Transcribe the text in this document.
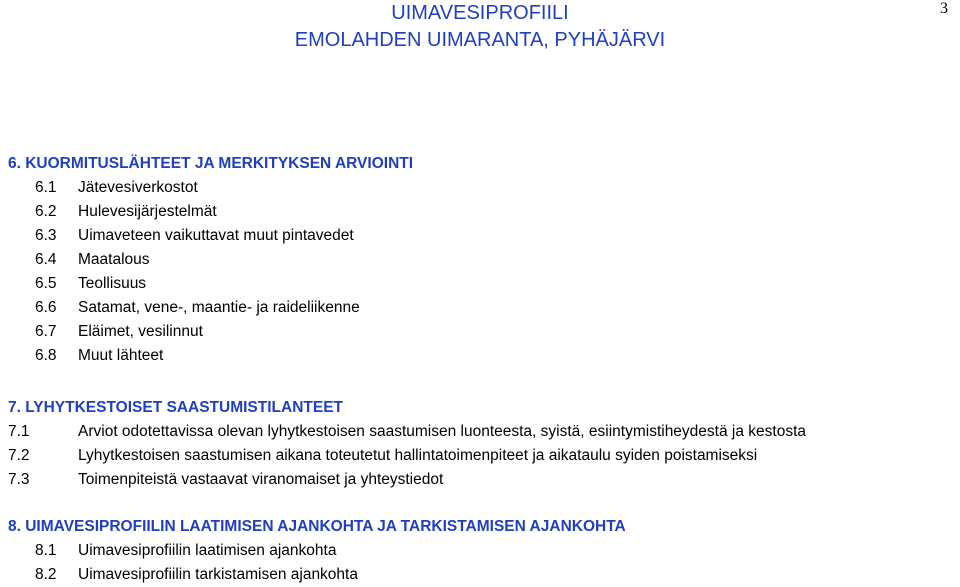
UIMAVESIPROFIILI
EMOLAHDEN UIMARANTA, PYHÄJÄRVI
3
6. KUORMITUSLÄHTEET JA MERKITYKSEN ARVIOINTI
6.1	Jätevesiverkostot
6.2	Hulevesijärjestelmät
6.3	Uimaveteen vaikuttavat muut pintavedet
6.4	Maatalous
6.5	Teollisuus
6.6	Satamat, vene-, maantie- ja raideliikenne
6.7	Eläimet, vesilinnut
6.8	Muut lähteet
7. LYHYTKESTOISET SAASTUMISTILANTEET
7.1	Arviot odotettavissa olevan lyhytkestoisen saastumisen luonteesta, syistä, esiintymistiheydestä ja kestosta
7.2	Lyhytkestoisen saastumisen aikana toteutetut hallintatoimenpiteet ja aikataulu syiden poistamiseksi
7.3	Toimenpiteistä vastaavat viranomaiset ja yhteystiedot
8. UIMAVESIPROFIILIN LAATIMISEN AJANKOHTA JA TARKISTAMISEN AJANKOHTA
8.1	Uimavesiprofiilin laatimisen ajankohta
8.2	Uimavesiprofiilin tarkistamisen ajankohta
